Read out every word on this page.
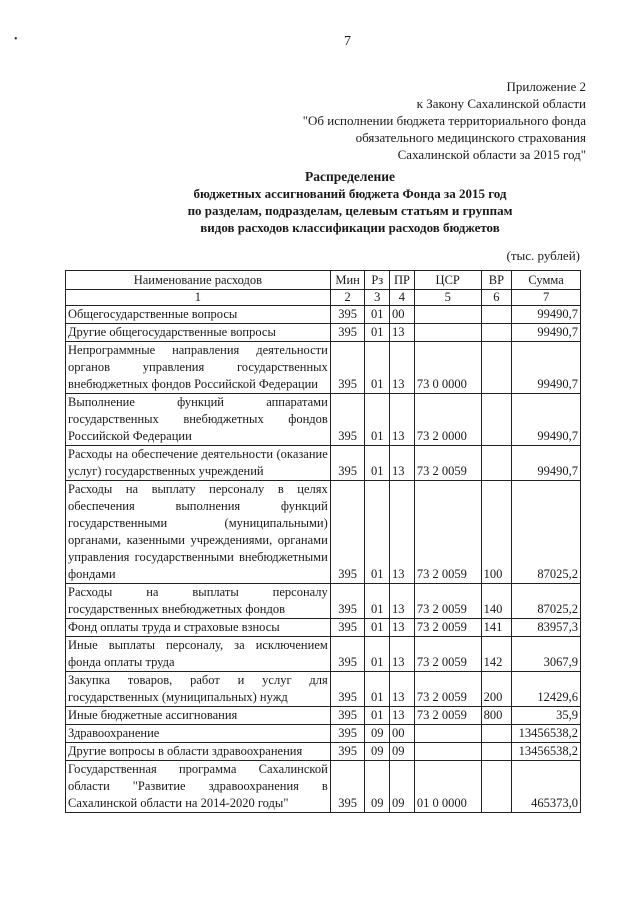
7
•
Приложение 2
к Закону Сахалинской области
"Об исполнении бюджета территориального фонда
обязательного медицинского страхования
Сахалинской области за 2015 год"
Распределение
бюджетных ассигнований бюджета Фонда за 2015 год
по разделам, подразделам, целевым статьям и группам
видов расходов классификации расходов бюджетов
(тыс. рублей)
Наименование расходов	Мин	Рз	ПР	ЦСР	ВР	Сумма
1	2	3	4	5	6	7
Общегосударственные вопросы	395	01	00			99490,7
Другие общегосударственные вопросы	395	01	13			99490,7
Непрограммные направления деятельности органов управления государственных внебюджетных фондов Российской Федерации	395	01	13	73 0 0000		99490,7
Выполнение функций аппаратами государственных внебюджетных фондов Российской Федерации	395	01	13	73 2 0000		99490,7
Расходы на обеспечение деятельности (оказание услуг) государственных учреждений	395	01	13	73 2 0059		99490,7
Расходы на выплату персоналу в целях обеспечения выполнения функций государственными (муниципальными) органами, казенными учреждениями, органами управления государственными внебюджетными фондами	395	01	13	73 2 0059	100	87025,2
Расходы на выплаты персоналу государственных внебюджетных фондов	395	01	13	73 2 0059	140	87025,2
Фонд оплаты труда и страховые взносы	395	01	13	73 2 0059	141	83957,3
Иные выплаты персоналу, за исключением фонда оплаты труда	395	01	13	73 2 0059	142	3067,9
Закупка товаров, работ и услуг для государственных (муниципальных) нужд	395	01	13	73 2 0059	200	12429,6
Иные бюджетные ассигнования	395	01	13	73 2 0059	800	35,9
Здравоохранение	395	09	00			13456538,2
Другие вопросы в области здравоохранения	395	09	09			13456538,2
Государственная программа Сахалинской области "Развитие здравоохранения в Сахалинской области на 2014-2020 годы"	395	09	09	01 0 0000		465373,0
